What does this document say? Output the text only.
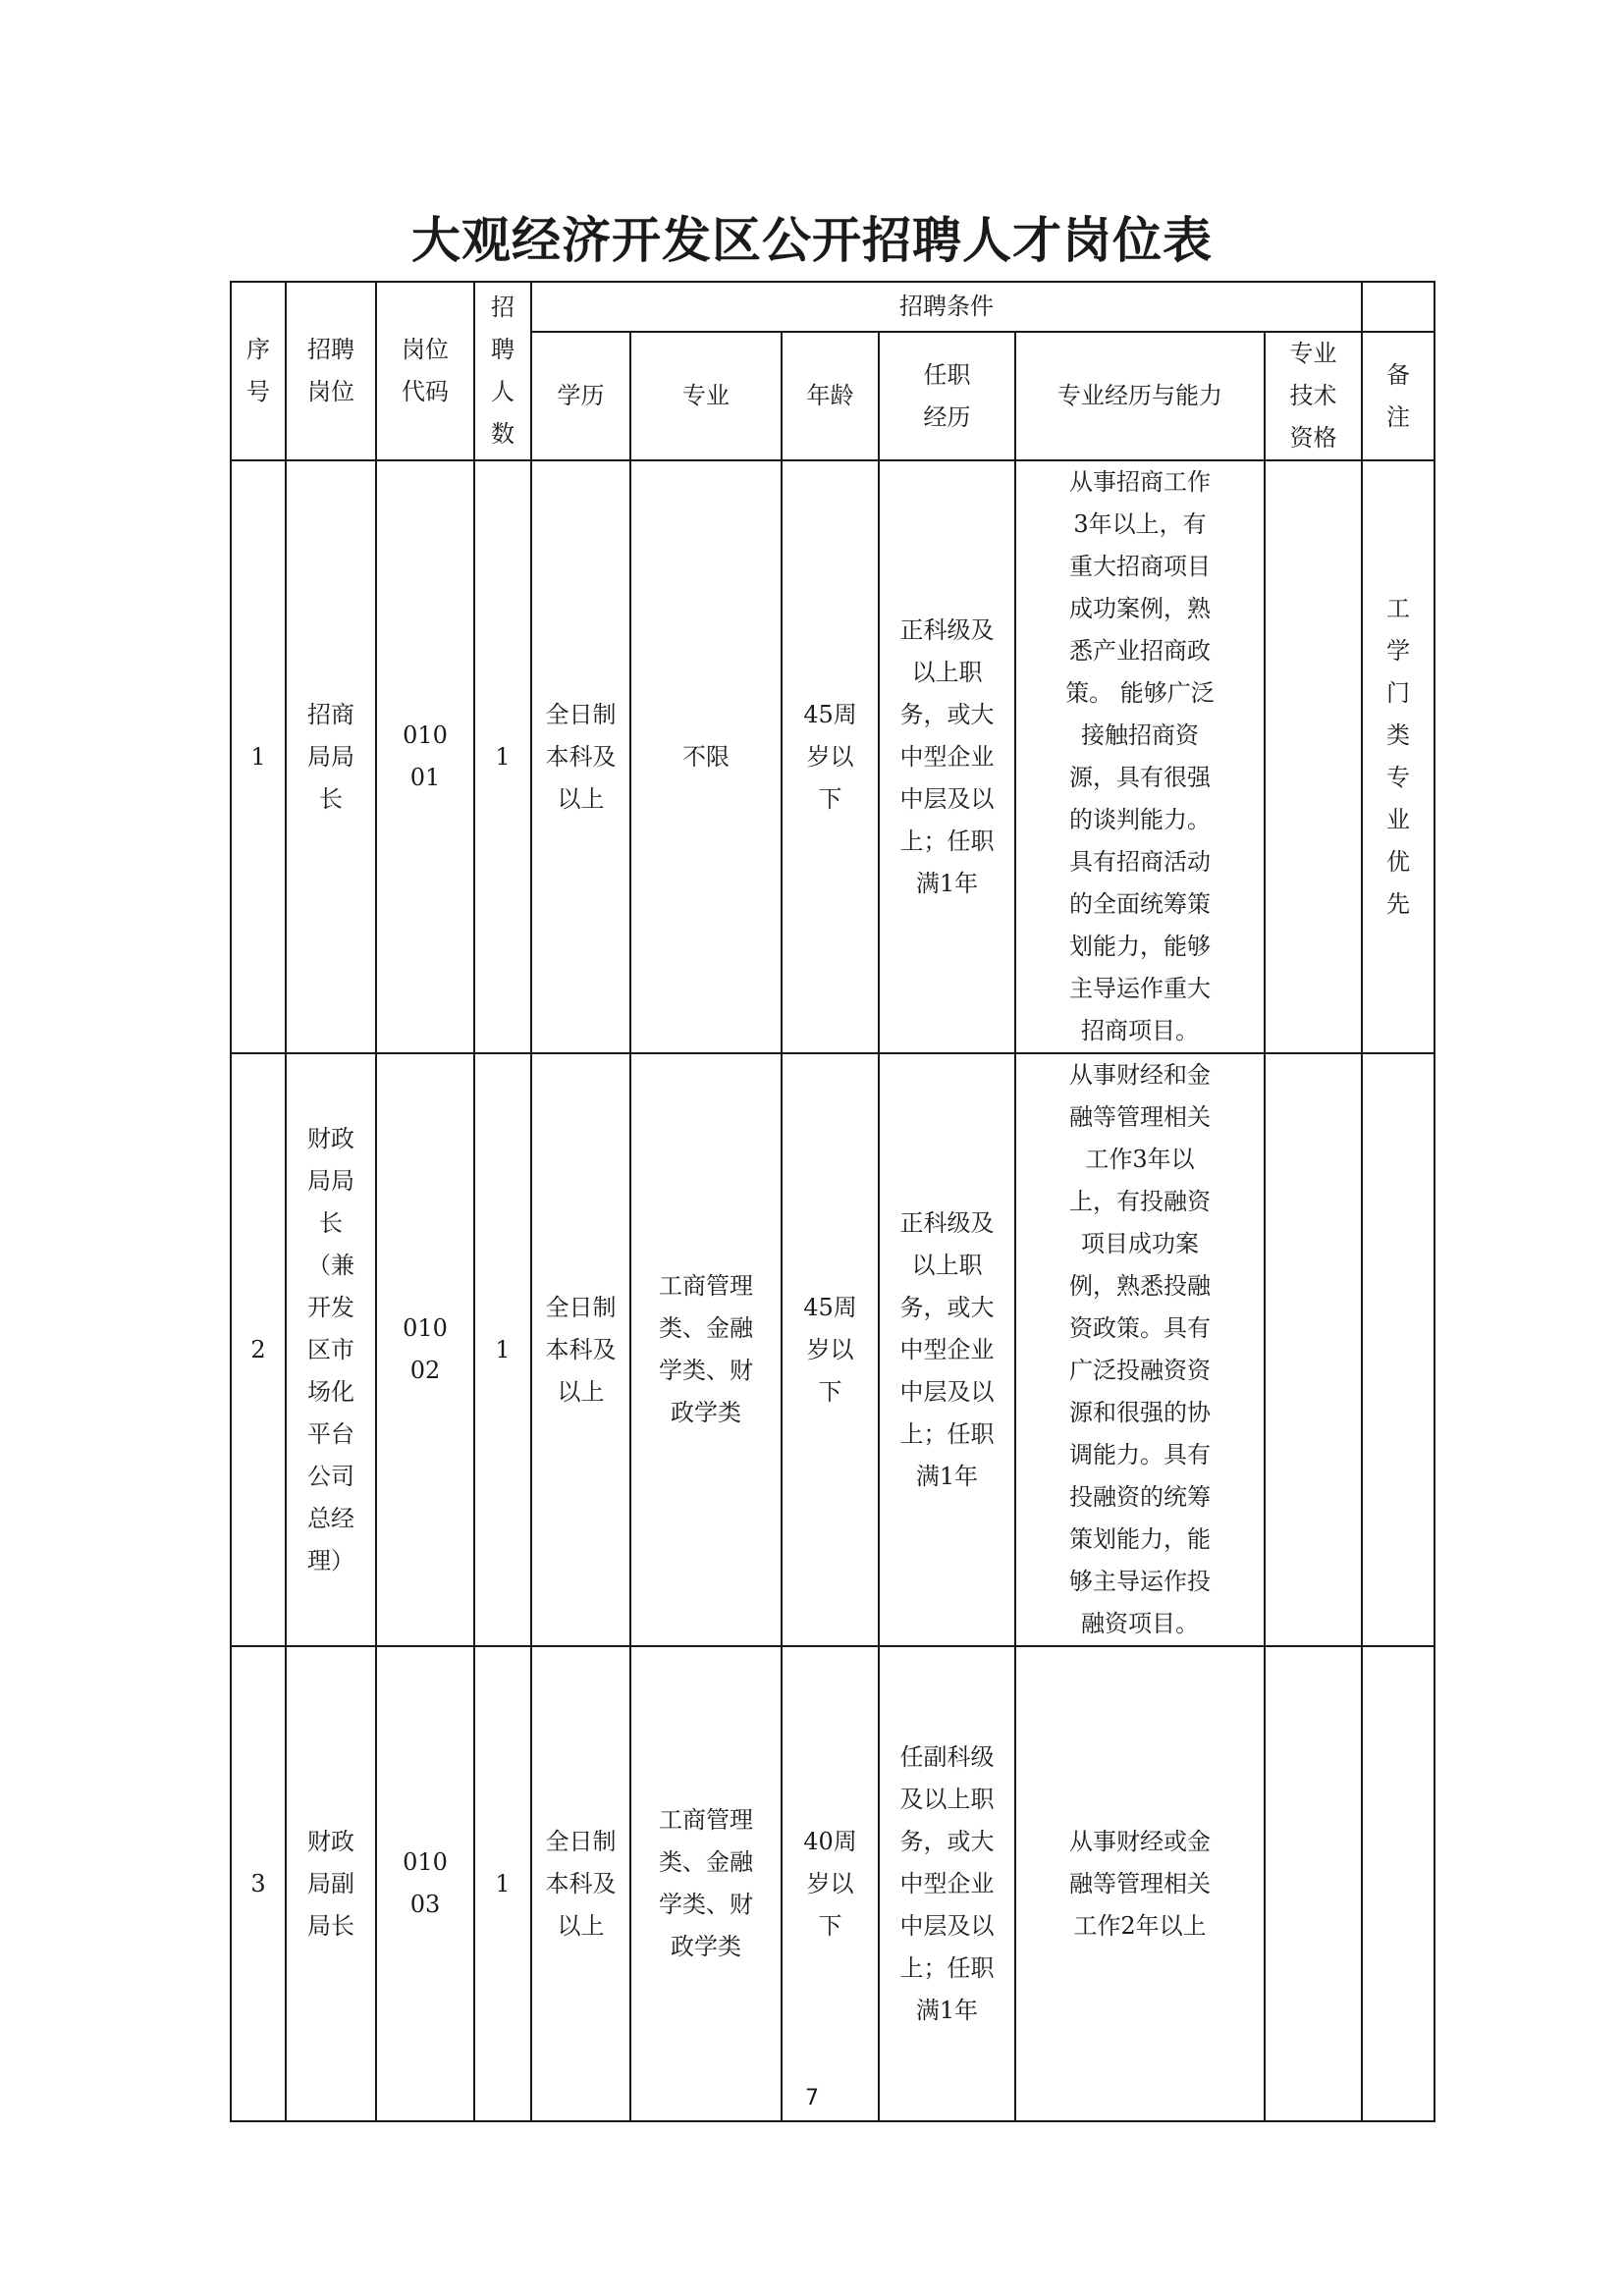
大观经济开发区公开招聘人才岗位表
序号	招聘岗位	岗位代码	招聘人数	招聘条件						
				学历	专业	年龄	任职经历	专业经历与能力	专业技术资格	备注

1	招商局局长	01001	1	全日制本科及以上	不限	45周岁以下	正科级及以上职务，或大中型企业中层及以上；任职满1年	从事招商工作3年以上，有重大招商项目成功案例，熟悉产业招商政策。 能够广泛接触招商资源，具有很强的谈判能力。具有招商活动的全面统筹策划能力，能够主导运作重大招商项目。		工学门类专业优先

2	财政局局长（兼开发区市场化平台公司总经理）	01002	1	全日制本科及以上	工商管理类、金融学类、财政学类	45周岁以下	正科级及以上职务，或大中型企业中层及以上；任职满1年	从事财经和金融等管理相关工作3年以上，有投融资项目成功案例，熟悉投融资政策。具有广泛投融资资源和很强的协调能力。具有投融资的统筹策划能力，能够主导运作投融资项目。		

3	财政局副局长	01003	1	全日制本科及以上	工商管理类、金融学类、财政学类	40周岁以下	任副科级及以上职务，或大中型企业中层及以上；任职满1年	从事财经或金融等管理相关工作2年以上		

7
